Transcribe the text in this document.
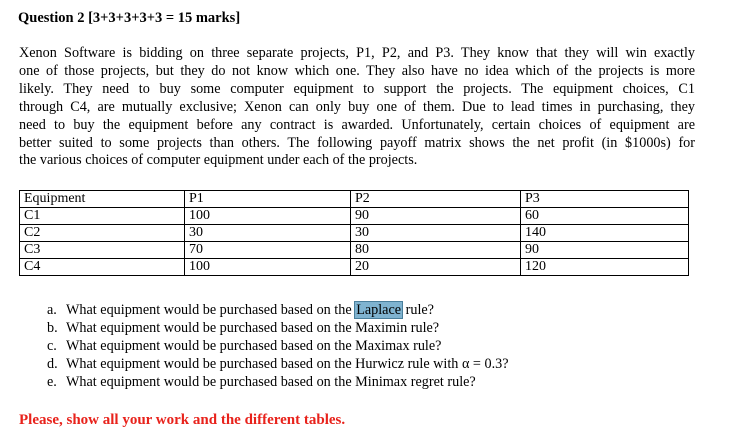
Question 2 [3+3+3+3+3 = 15 marks]

Xenon Software is bidding on three separate projects, P1, P2, and P3. They know that they will win exactly
one of those projects, but they do not know which one. They also have no idea which of the projects is more
likely. They need to buy some computer equipment to support the projects. The equipment choices, C1
through C4, are mutually exclusive; Xenon can only buy one of them. Due to lead times in purchasing, they
need to buy the equipment before any contract is awarded. Unfortunately, certain choices of equipment are
better suited to some projects than others. The following payoff matrix shows the net profit (in $1000s) for
the various choices of computer equipment under each of the projects.

Equipment	P1	P2	P3
C1	100	90	60
C2	30	30	140
C3	70	80	90
C4	100	20	120
a. What equipment would be purchased based on the Laplace rule?
b. What equipment would be purchased based on the Maximin rule?
c. What equipment would be purchased based on the Maximax rule?
d. What equipment would be purchased based on the Hurwicz rule with α = 0.3?
e. What equipment would be purchased based on the Minimax regret rule?
Please, show all your work and the different tables.
